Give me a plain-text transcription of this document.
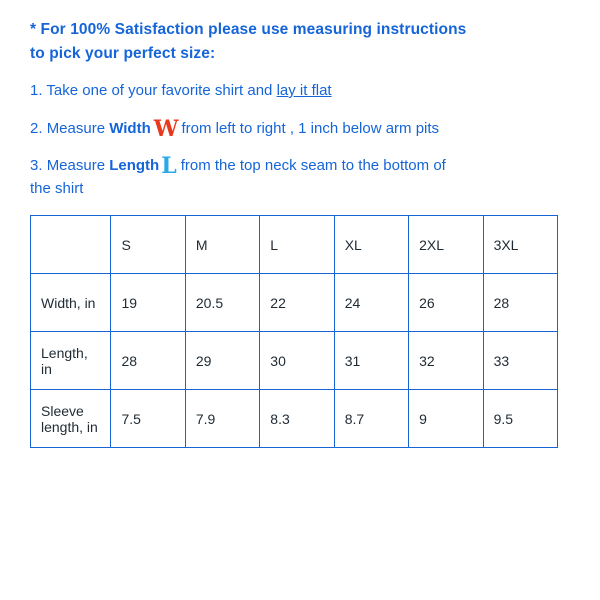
* For 100% Satisfaction please use measuring instructions
to pick your perfect size:
1. Take one of your favorite shirt and lay it flat
2. Measure Width W from left to right , 1 inch below arm pits
3. Measure LengthL from the top neck seam to the bottom of
the shirt
	S	M	L	XL	2XL	3XL
Width, in	19	20.5	22	24	26	28
Length, in	28	29	30	31	32	33
Sleeve length, in	7.5	7.9	8.3	8.7	9	9.5
